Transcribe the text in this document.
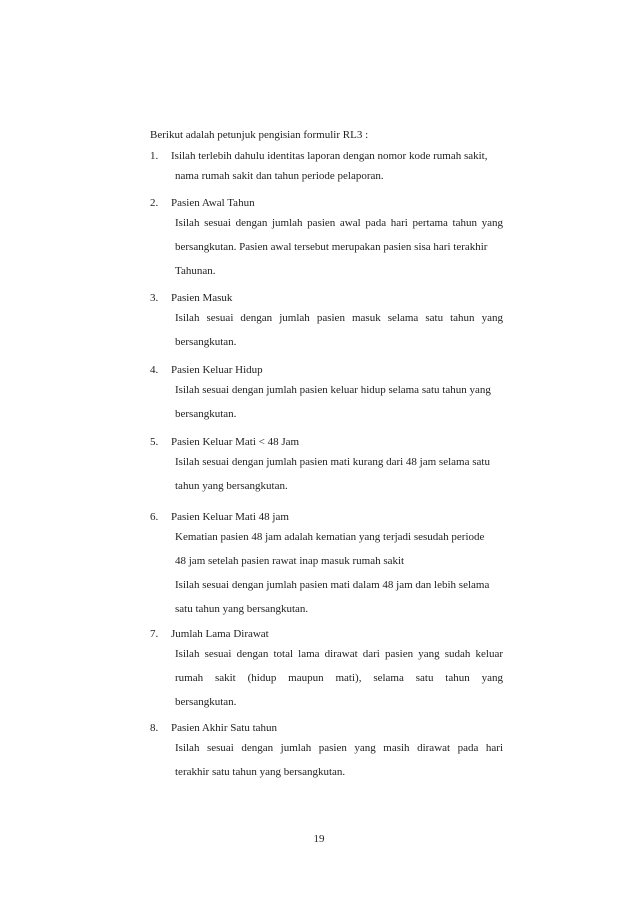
Berikut adalah petunjuk pengisian formulir RL3 :
1. Isilah terlebih dahulu identitas laporan dengan nomor kode rumah sakit,
nama rumah sakit dan tahun periode pelaporan.
2. Pasien Awal Tahun
Isilah sesuai dengan jumlah pasien awal pada hari pertama tahun yang
bersangkutan. Pasien awal tersebut merupakan pasien sisa hari terakhir
Tahunan.
3. Pasien Masuk
Isilah sesuai dengan jumlah pasien masuk selama satu tahun yang
bersangkutan.
4. Pasien Keluar Hidup
Isilah sesuai dengan jumlah pasien keluar hidup selama satu tahun yang
bersangkutan.
5. Pasien Keluar Mati < 48 Jam
Isilah sesuai dengan jumlah pasien mati kurang dari 48 jam selama satu
tahun yang bersangkutan.
6. Pasien Keluar Mati 48 jam
Kematian pasien 48 jam adalah kematian yang terjadi sesudah periode
48 jam setelah pasien rawat inap masuk rumah sakit
Isilah sesuai dengan jumlah pasien mati dalam 48 jam dan lebih selama
satu tahun yang bersangkutan.
7. Jumlah Lama Dirawat
Isilah sesuai dengan total lama dirawat dari pasien yang sudah keluar
rumah sakit (hidup maupun mati), selama satu tahun yang
bersangkutan.
8. Pasien Akhir Satu tahun
Isilah sesuai dengan jumlah pasien yang masih dirawat pada hari
terakhir satu tahun yang bersangkutan.
19
